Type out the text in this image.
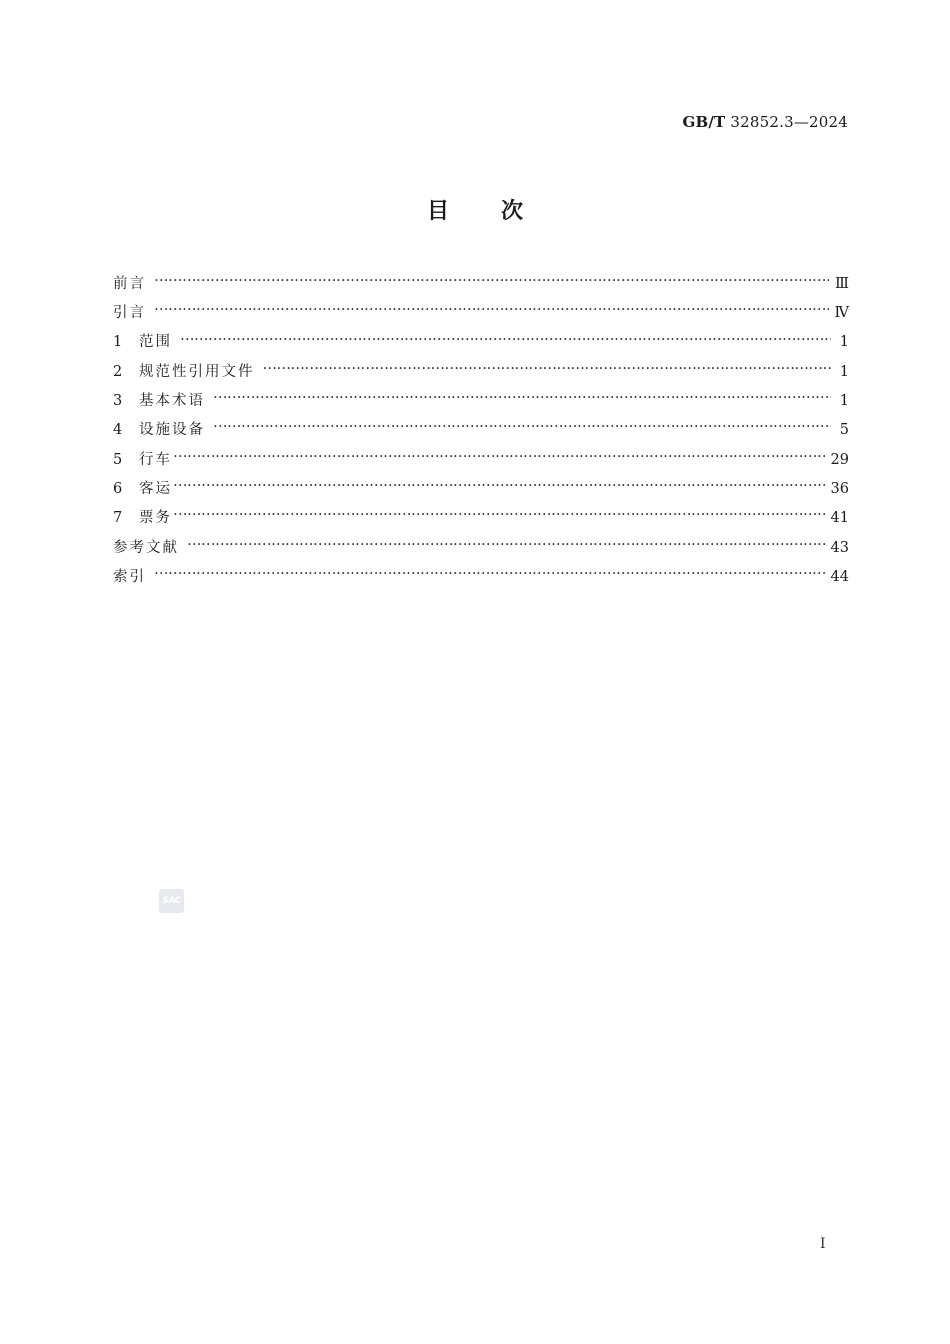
GB/T 32852.3—2024
目次
前言 ……………………………………………………………………………………………………………………………………………………………………………………………………………………	Ⅲ
引言 ……………………………………………………………………………………………………………………………………………………………………………………………………………………	Ⅳ
1	范围 ……………………………………………………………………………………………………………………………………………………………………………………………………………………	1
2	规范性引用文件 ……………………………………………………………………………………………………………………………………………………………………………………………………………………	1
3	基本术语 ……………………………………………………………………………………………………………………………………………………………………………………………………………………	1
4	设施设备 ……………………………………………………………………………………………………………………………………………………………………………………………………………………	5
5	行车 ……………………………………………………………………………………………………………………………………………………………………………………………………………………	29
6	客运 ……………………………………………………………………………………………………………………………………………………………………………………………………………………	36
7	票务 ……………………………………………………………………………………………………………………………………………………………………………………………………………………	41
参考文献 ……………………………………………………………………………………………………………………………………………………………………………………………………………………	43
索引 ……………………………………………………………………………………………………………………………………………………………………………………………………………………	44
SAC
Ⅰ
